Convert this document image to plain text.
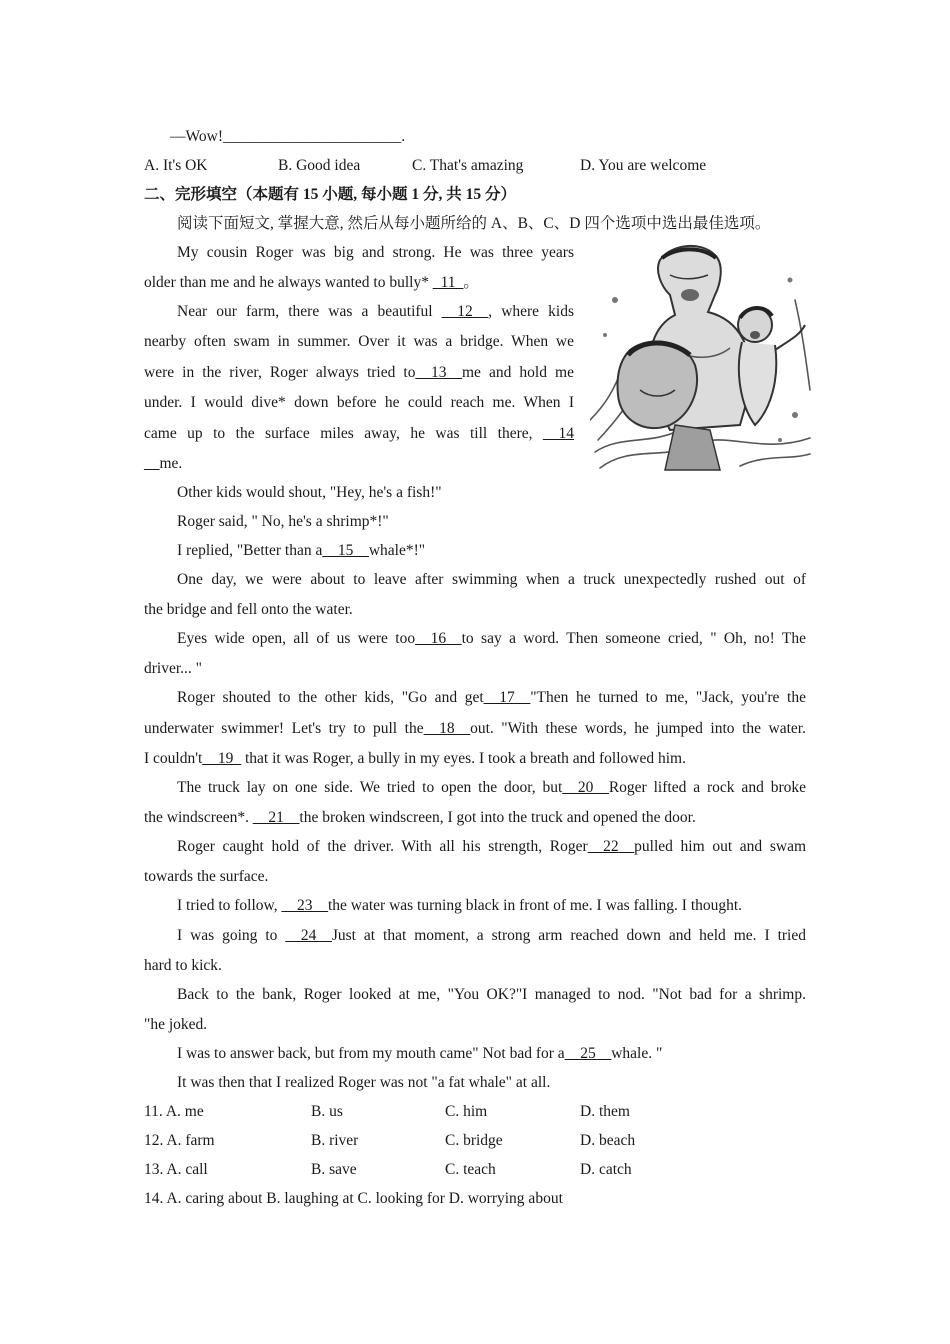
—Wow!_______________________.
A. It's OK	B. Good idea	C. That's amazing	D. You are welcome
二、完形填空（本题有 15 小题, 每小题 1 分, 共 15 分）
阅读下面短文, 掌握大意, 然后从每小题所给的 A、B、C、D 四个选项中选出最佳选项。
My cousin Roger was big and strong. He was three years
older than me and he always wanted to bully* _11_。
Near our farm, there was a beautiful __12__, where kids
nearby often swam in summer. Over it was a bridge. When we
were in the river, Roger always tried to__13__me and hold me
under. I would dive* down before he could reach me. When I
came up to the surface miles away, he was till there, __14
__me.
Other kids would shout, "Hey, he's a fish!"
Roger said, " No, he's a shrimp*!"
I replied, "Better than a__15__whale*!"
One day, we were about to leave after swimming when a truck unexpectedly rushed out of
the bridge and fell onto the water.
Eyes wide open, all of us were too__16__to say a word. Then someone cried, " Oh, no! The
driver... "
Roger shouted to the other kids, "Go and get__17__"Then he turned to me, "Jack, you're the
underwater swimmer! Let's try to pull the__18__out. "With these words, he jumped into the water.
I couldn't__19_ that it was Roger, a bully in my eyes. I took a breath and followed him.
The truck lay on one side. We tried to open the door, but__20__Roger lifted a rock and broke
the windscreen*. __21__the broken windscreen, I got into the truck and opened the door.
Roger caught hold of the driver. With all his strength, Roger__22__pulled him out and swam
towards the surface.
I tried to follow, __23__the water was turning black in front of me. I was falling. I thought.
I was going to __24__Just at that moment, a strong arm reached down and held me. I tried
hard to kick.
Back to the bank, Roger looked at me, "You OK?"I managed to nod. "Not bad for a shrimp.
"he joked.
I was to answer back, but from my mouth came" Not bad for a__25__whale. "
It was then that I realized Roger was not "a fat whale" at all.
11. A. me	B. us	C. him	D. them
12. A. farm	B. river	C. bridge	D. beach
13. A. call	B. save	C. teach	D. catch
14. A. caring about B. laughing at C. looking for D. worrying about
